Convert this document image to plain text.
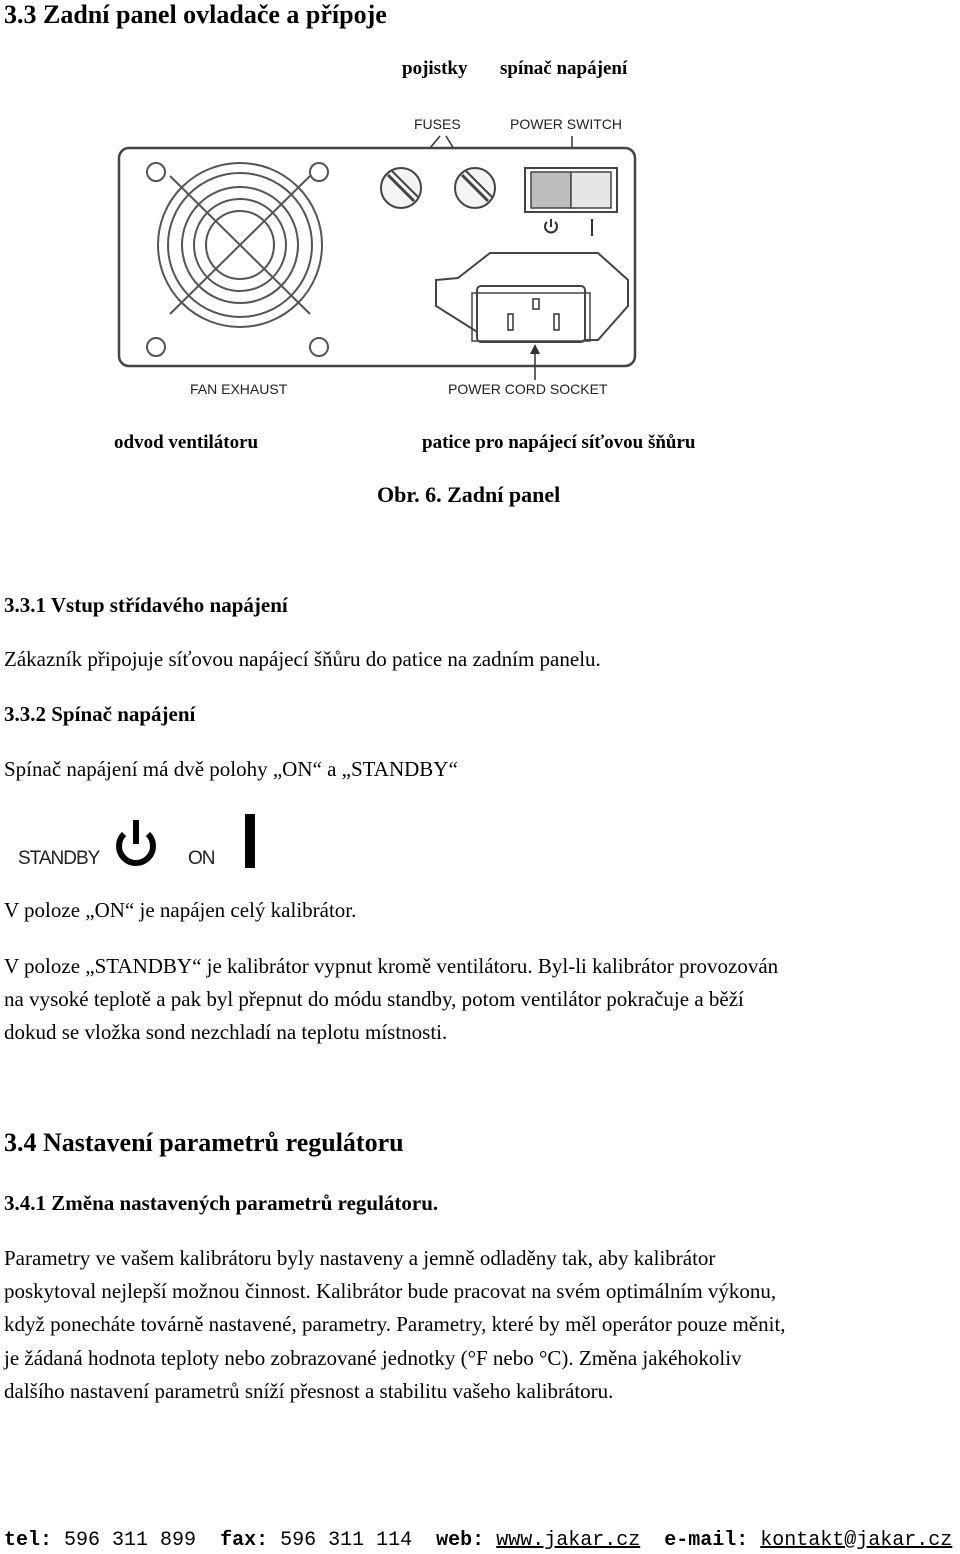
3.3 Zadní panel ovladače a přípoje
pojistky spínač napájení
FUSES	POWER SWITCH
FAN EXHAUST	POWER CORD SOCKET
odvod ventilátoru	patice pro napájecí síťovou šňůru
Obr. 6. Zadní panel
3.3.1 Vstup střídavého napájení

Zákazník připojuje síťovou napájecí šňůru do patice na zadním panelu.

3.3.2 Spínač napájení

Spínač napájení má dvě polohy „ON“ a „STANDBY“

STANDBY	ON

V poloze „ON“ je napájen celý kalibrátor.

V poloze „STANDBY“ je kalibrátor vypnut kromě ventilátoru. Byl-li kalibrátor provozován

na vysoké teplotě a pak byl přepnut do módu standby, potom ventilátor pokračuje a běží

dokud se vložka sond nezchladí na teplotu místnosti.

3.4 Nastavení parametrů regulátoru
3.4.1 Změna nastavených parametrů regulátoru.

Parametry ve vašem kalibrátoru byly nastaveny a jemně odladěny tak, aby kalibrátor

poskytoval nejlepší možnou činnost. Kalibrátor bude pracovat na svém optimálním výkonu,

když ponecháte továrně nastavené, parametry. Parametry, které by měl operátor pouze měnit,

je žádaná hodnota teploty nebo zobrazované jednotky (°F nebo °C). Změna jakéhokoliv

dalšího nastavení parametrů sníží přesnost a stabilitu vašeho kalibrátoru.

tel: 596 311 899 fax: 596 311 114 web: www.jakar.cz e-mail: kontakt@jakar.cz
